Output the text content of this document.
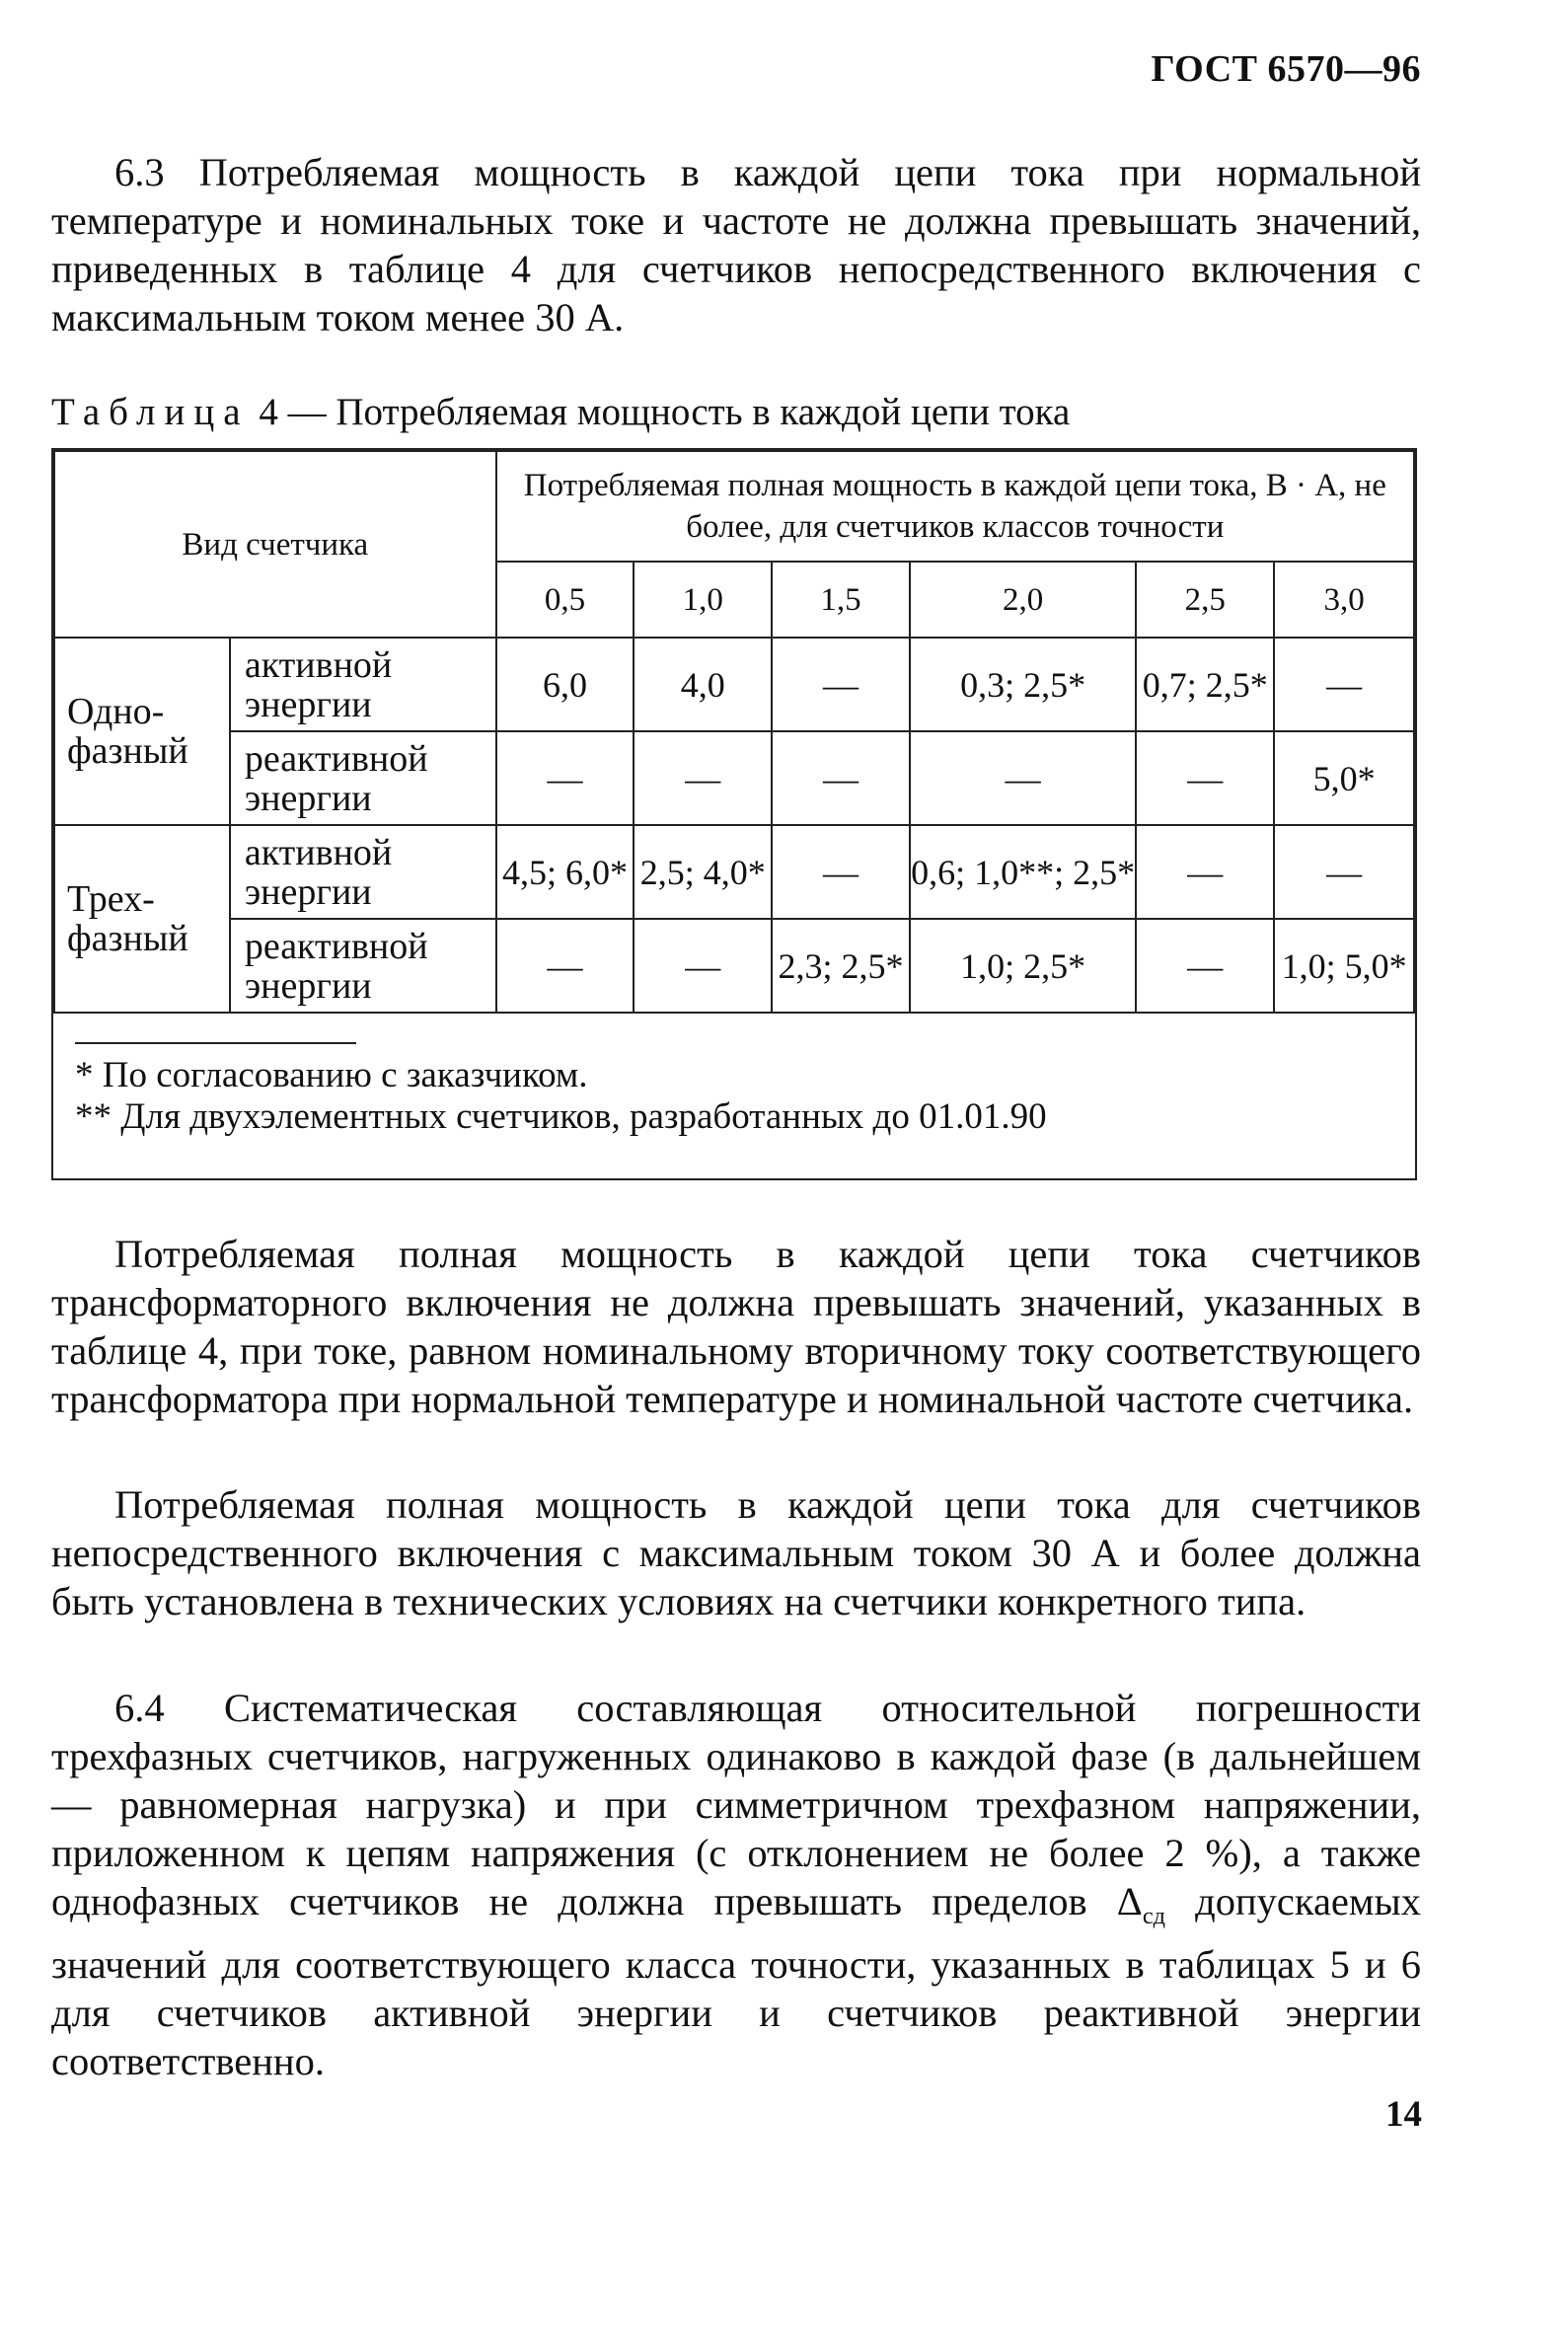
ГОСТ 6570—96

6.3 Потребляемая мощность в каждой цепи тока при нормальной температуре и номинальных токе и частоте не должна превышать значений, приведенных в таблице 4 для счетчиков непосредственного включения с максимальным током менее 30 А.

Таблица 4 — Потребляемая мощность в каждой цепи тока
Вид счетчика		Потребляемая полная мощность в каждой цепи тока, В · А, не более, для счетчиков классов точности					
		0,5	1,0	1,5	2,0	2,5	3,0
Одно-фазный	активной энергии	6,0	4,0	—	0,3; 2,5*	0,7; 2,5*	—
	реактивной энергии	—	—	—	—	—	5,0*
Трех-фазный	активной энергии	4,5; 6,0*	2,5; 4,0*	—	0,6; 1,0**; 2,5*	—	—
	реактивной энергии	—	—	2,3; 2,5*	1,0; 2,5*	—	1,0; 5,0*
* По согласованию с заказчиком.
** Для двухэлементных счетчиков, разработанных до 01.01.90

Потребляемая полная мощность в каждой цепи тока счетчиков трансформаторного включения не должна превышать значений, указанных в таблице 4, при токе, равном номинальному вторичному току соответствующего трансформатора при нормальной температуре и номинальной частоте счетчика.

Потребляемая полная мощность в каждой цепи тока для счетчиков непосредственного включения с максимальным током 30 А и более должна быть установлена в технических условиях на счетчики конкретного типа.

6.4 Систематическая составляющая относительной погрешности трехфазных счетчиков, нагруженных одинаково в каждой фазе (в дальнейшем — равномерная нагрузка) и при симметричном трехфазном напряжении, приложенном к цепям напряжения (с отклонением не более 2 %), а также однофазных счетчиков не должна превышать пределов $\Delta_{сд}$ допускаемых значений для соответствующего класса точности, указанных в таблицах 5 и 6 для счетчиков активной энергии и счетчиков реактивной энергии соответственно.

14
